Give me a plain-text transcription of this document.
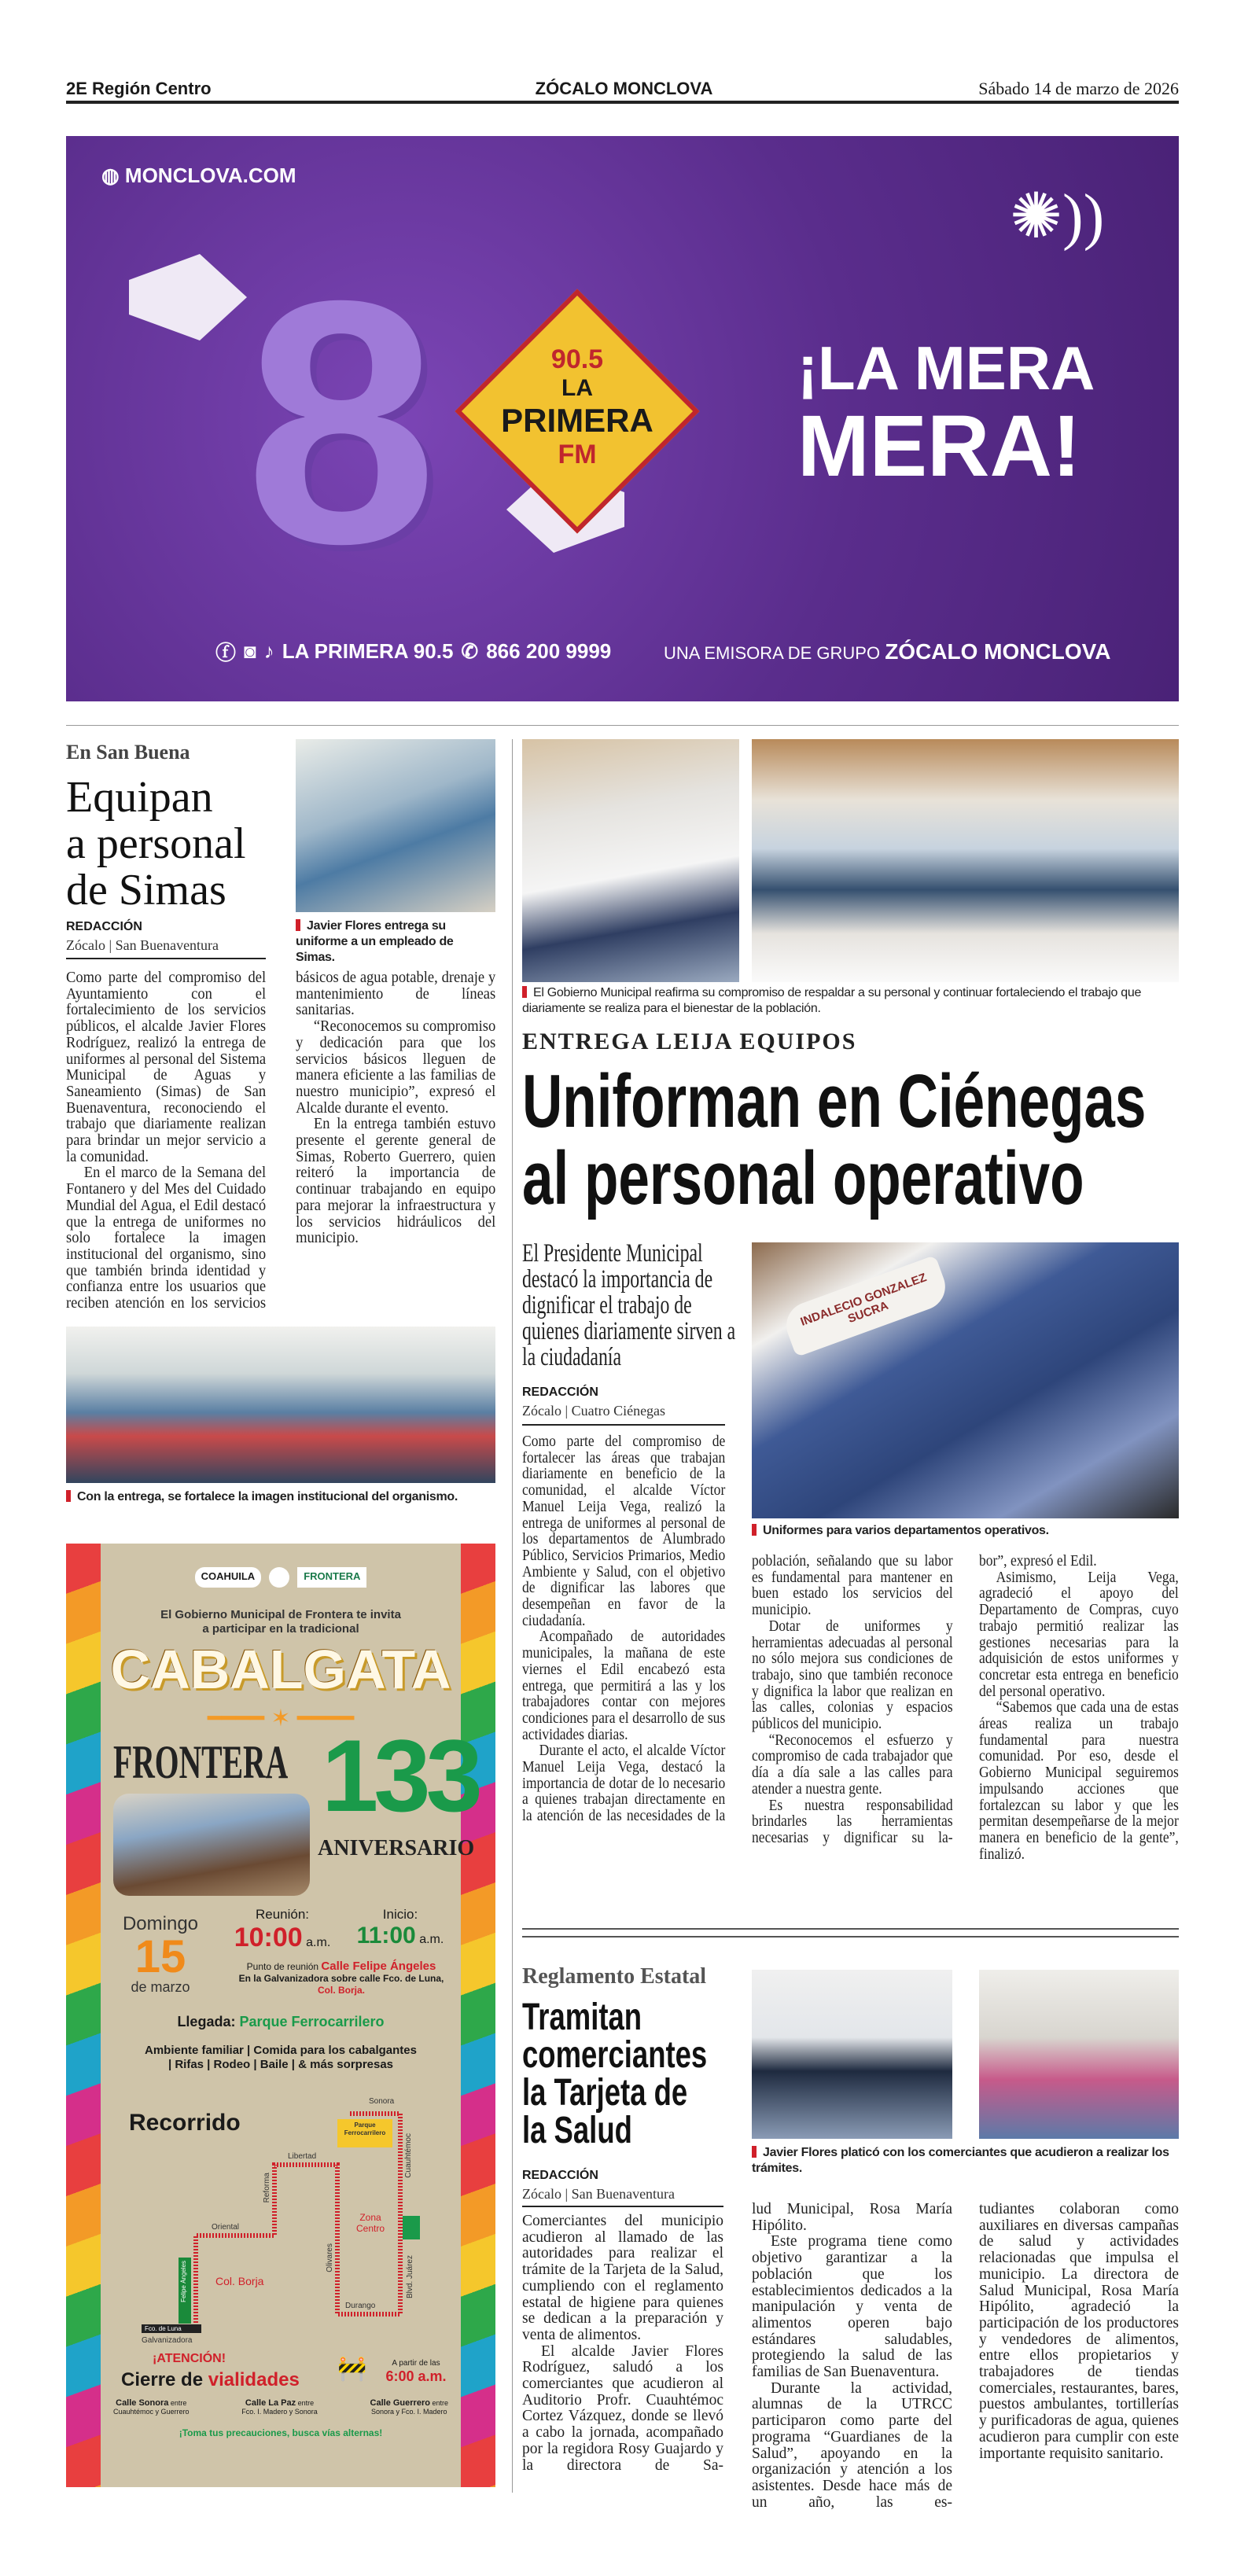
2E Región Centro	ZÓCALO MONCLOVA	Sábado 14 de marzo de 2026
◍ MONCLOVA.COM
8	90.5
LA
PRIMERA
FM
✺))
¡LA MERA
MERA!
ⓕ ◙ ♪ LA PRIMERA 90.5 ✆ 866 200 9999	UNA EMISORA DE GRUPO ZÓCALO MONCLOVA
En San Buena
Equipan
a personal
de Simas
REDACCIÓN
Zócalo | San Buenaventura
Javier Flores entrega su uniforme a un empleado de Simas.

Como parte del compromiso del Ayuntamiento con el fortalecimiento de los servicios públicos, el alcalde Javier Flores Rodríguez, realizó la entrega de uniformes al personal del Sistema Municipal de Aguas y Saneamiento (Simas) de San Buenaventura, reconociendo el trabajo que diariamente realizan para brindar un mejor servicio a la comunidad.

En el marco de la Semana del Fontanero y del Mes del Cuidado Mundial del Agua, el Edil destacó que la entrega de uniformes no solo fortalece la imagen institucional del organismo, sino que también brinda identidad y confianza entre los usuarios que reciben atención en los servicios básicos de agua potable, drenaje y mantenimiento de líneas sanitarias.

“Reconocemos su compromiso y dedicación para que los servicios básicos lleguen de manera eficiente a las familias de nuestro municipio”, expresó el Alcalde durante el evento.

En la entrega también estuvo presente el gerente general de Simas, Roberto Guerrero, quien reiteró la importancia de continuar trabajando en equipo para mejorar la infraestructura y los servicios hidráulicos del municipio.

Con la entrega, se fortalece la imagen institucional del organismo.
COAHUILA	FRONTERA
El Gobierno Municipal de Frontera te invita
a participar en la tradicional
CABALGATA
━━━━ ✶ ━━━━
FRONTERA 133
ANIVERSARIO
Domingo
15
de marzo
Reunión:
10:00 a.m.
Inicio:
11:00 a.m.
Punto de reunión Calle Felipe Ángeles
En la Galvanizadora sobre calle Fco. de Luna,
Col. Borja.
Llegada: Parque Ferrocarrilero
Ambiente familiar | Comida para los cabalgantes
| Rifas | Rodeo | Baile | & más sorpresas
Recorrido
Sonora
Parque Ferrocarrilero
Cuauhtémoc
Libertad
Reforma
Oriental
Zona Centro
Olivares
Col. Borja	Blvd. Juárez
Felipe Ángeles
Fco. de Luna
Galvanizadora
Durango
¡ATENCIÓN!
Cierre de vialidades 🚧	A partir de las
6:00 a.m.
Calle Sonora entre
Cuauhtémoc y Guerrero
Calle La Paz entre
Fco. I. Madero y Sonora
Calle Guerrero entre
Sonora y Fco. I. Madero
¡Toma tus precauciones, busca vías alternas!
El Gobierno Municipal reafirma su compromiso de respaldar a su personal y continuar fortaleciendo el trabajo que diariamente se realiza para el bienestar de la población.
ENTREGA LEIJA EQUIPOS
Uniforman en Ciénegas
al personal operativo
El Presidente Municipal destacó la importancia de dignificar el trabajo de quienes diariamente sirven a la ciudadanía
REDACCIÓN
Zócalo | Cuatro Ciénegas
INDALECIO GONZALEZ SUCRA
Uniformes para varios departamentos operativos.

Como parte del compromiso de fortalecer las áreas que trabajan diariamente en beneficio de la comunidad, el alcalde Víctor Manuel Leija Vega, realizó la entrega de uniformes al personal de los departamentos de Alumbrado Público, Servicios Primarios, Medio Ambiente y Salud, con el objetivo de dignificar las labores que desempeñan en favor de la ciudadanía.

Acompañado de autoridades municipales, la mañana de este viernes el Edil encabezó esta entrega, que permitirá a las y los trabajadores contar con mejores condiciones para el desarrollo de sus actividades diarias.

Durante el acto, el alcalde Víctor Manuel Leija Vega, destacó la importancia de dotar de lo necesario a quienes trabajan directamente en la atención de las necesidades de la

población, señalando que su labor es fundamental para mantener en buen estado los servicios del municipio.

Dotar de uniformes y herramientas adecuadas al personal no sólo mejora sus condiciones de trabajo, sino que también reconoce y dignifica la labor que realizan en las calles, colonias y espacios públicos del municipio.

“Reconocemos el esfuerzo y compromiso de cada trabajador que día a día sale a las calles para atender a nuestra gente.

Es nuestra responsabilidad brindarles las herramientas necesarias y dignificar su la-

bor”, expresó el Edil.

Asimismo, Leija Vega, agradeció el apoyo del Departamento de Compras, cuyo trabajo permitió realizar las gestiones necesarias para la adquisición de estos uniformes y concretar esta entrega en beneficio del personal operativo.

“Sabemos que cada una de estas áreas realiza un trabajo fundamental para nuestra comunidad. Por eso, desde el Gobierno Municipal seguiremos impulsando acciones que fortalezcan su labor y que les permitan desempeñarse de la mejor manera en beneficio de la gente”, finalizó.

Reglamento Estatal
Tramitan
comerciantes
la Tarjeta de
la Salud
Javier Flores platicó con los comerciantes que acudieron a realizar los trámites.
REDACCIÓN
Zócalo | San Buenaventura

Comerciantes del municipio acudieron al llamado de las autoridades para realizar el trámite de la Tarjeta de la Salud, cumpliendo con el reglamento estatal de higiene para quienes se dedican a la preparación y venta de alimentos.

El alcalde Javier Flores Rodríguez, saludó a los comerciantes que acudieron al Auditorio Profr. Cuauhtémoc Cortez Vázquez, donde se llevó a cabo la jornada, acompañado por la regidora Rosy Guajardo y la directora de Sa-

lud Municipal, Rosa María Hipólito.

Este programa tiene como objetivo garantizar a la población que los establecimientos dedicados a la manipulación y venta de alimentos operen bajo estándares saludables, protegiendo la salud de las familias de San Buenaventura.

Durante la actividad, alumnas de la UTRCC participaron como parte del programa “Guardianes de la Salud”, apoyando en la organización y atención a los asistentes. Desde hace más de un año, las es-

tudiantes colaboran como auxiliares en diversas campañas de salud y actividades relacionadas que impulsa el municipio. La directora de Salud Municipal, Rosa María Hipólito, agradeció la participación de los productores y vendedores de alimentos, entre ellos propietarios y trabajadores de tiendas comerciales, restaurantes, bares, puestos ambulantes, tortillerías y purificadoras de agua, quienes acudieron para cumplir con este importante requisito sanitario.
